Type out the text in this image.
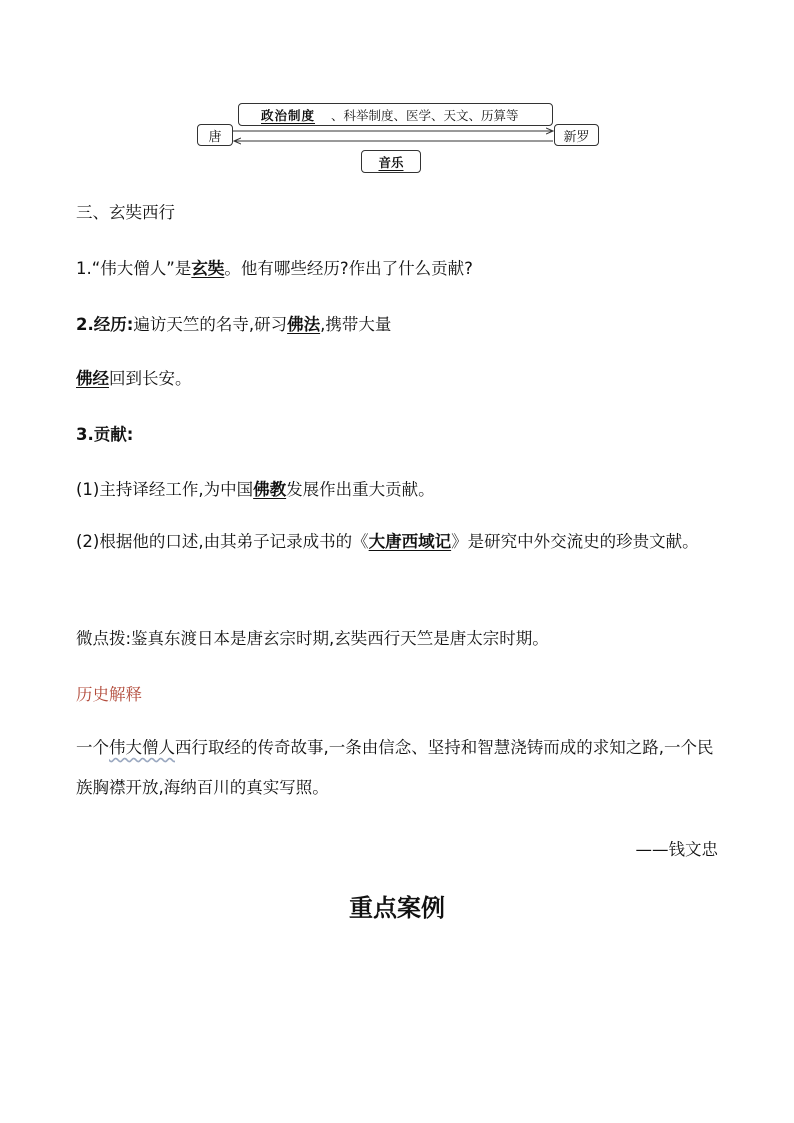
政治制度	、科举制度、医学、天文、历算等
唐	新罗
音乐
三、玄奘西行
1.“伟大僧人”是玄奘。他有哪些经历?作出了什么贡献?
2.经历:遍访天竺的名寺,研习佛法,携带大量
佛经回到长安。
3.贡献:
(1)主持译经工作,为中国佛教发展作出重大贡献。
(2)根据他的口述,由其弟子记录成书的《大唐西域记》是研究中外交流史的珍贵文献。
微点拨:鉴真东渡日本是唐玄宗时期,玄奘西行天竺是唐太宗时期。
历史解释
一个伟大僧人西行取经的传奇故事,一条由信念、坚持和智慧浇铸而成的求知之路,一个民族胸襟开放,海纳百川的真实写照。
——钱文忠
重点案例
